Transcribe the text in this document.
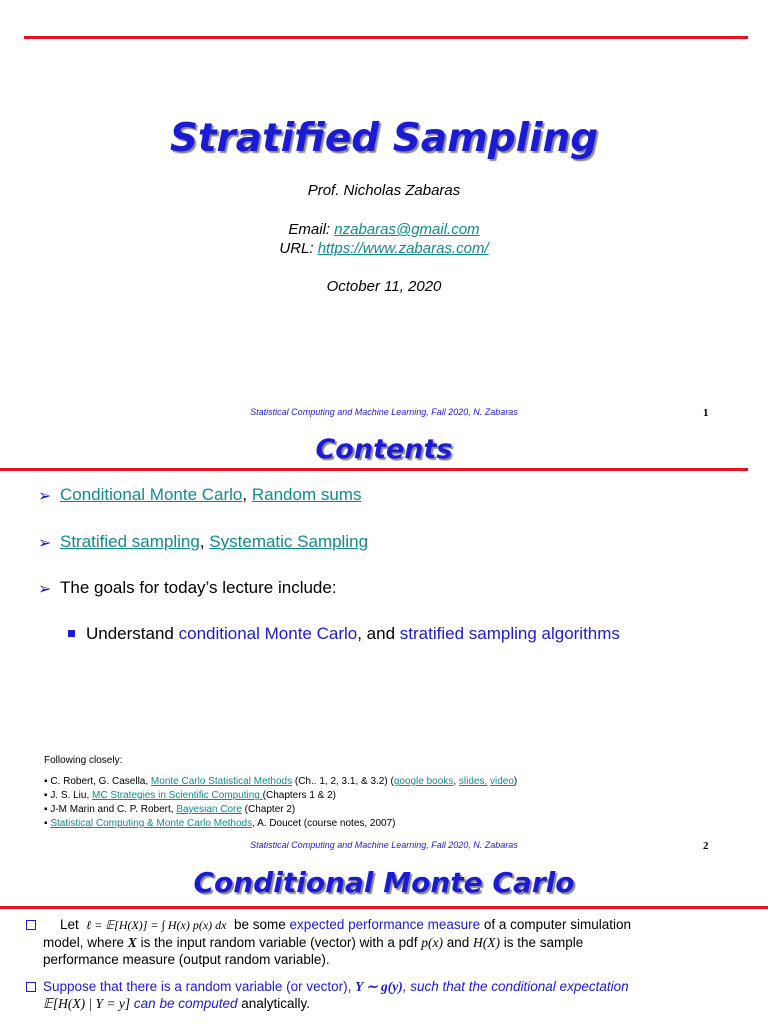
Stratified Sampling
Prof. Nicholas Zabaras
Email: nzabaras@gmail.com
URL: https://www.zabaras.com/
October 11, 2020
Statistical Computing and Machine Learning, Fall 2020, N. Zabaras	1
Contents
➢ Conditional Monte Carlo, Random sums
➢ Stratified sampling, Systematic Sampling
➢ The goals for today’s lecture include:
Understand conditional Monte Carlo, and stratified sampling algorithms
Following closely:
▪ C. Robert, G. Casella, Monte Carlo Statistical Methods (Ch.. 1, 2, 3.1, & 3.2) (google books, slides, video)
▪ J. S. Liu, MC Strategies in Scientific Computing (Chapters 1 & 2)
▪ J-M Marin and C. P. Robert, Bayesian Core (Chapter 2)
▪ Statistical Computing & Monte Carlo Methods, A. Doucet (course notes, 2007)
Statistical Computing and Machine Learning, Fall 2020, N. Zabaras	2
Conditional Monte Carlo
Let ℓ = 𝔼[H(X)] = ∫ H(x) p(x) dx be some expected performance measure of a computer simulation
model, where X is the input random variable (vector) with a pdf p(x) and H(X) is the sample
performance measure (output random variable).
Suppose that there is a random variable (or vector), Y ∼ g(y), such that the conditional expectation
𝔼[H(X) | Y = y] can be computed analytically.
